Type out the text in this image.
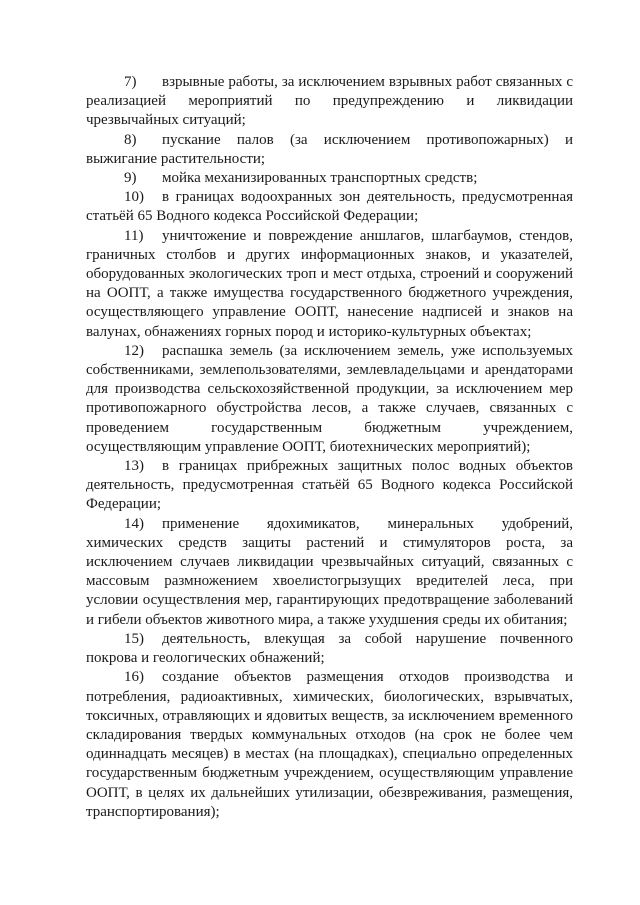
7) взрывные работы, за исключением взрывных работ связанных с реализацией мероприятий по предупреждению и ликвидации чрезвычайных ситуаций;

8) пускание палов (за исключением противопожарных) и выжигание растительности;

9) мойка механизированных транспортных средств;

10) в границах водоохранных зон деятельность, предусмотренная статьёй 65 Водного кодекса Российской Федерации;

11) уничтожение и повреждение аншлагов, шлагбаумов, стендов, граничных столбов и других информационных знаков, и указателей, оборудованных экологических троп и мест отдыха, строений и сооружений на ООПТ, а также имущества государственного бюджетного учреждения, осуществляющего управление ООПТ, нанесение надписей и знаков на валунах, обнажениях горных пород и историко-культурных объектах;

12) распашка земель (за исключением земель, уже используемых собственниками, землепользователями, землевладельцами и арендаторами для производства сельскохозяйственной продукции, за исключением мер противопожарного обустройства лесов, а также случаев, связанных с проведением государственным бюджетным учреждением, осуществляющим управление ООПТ, биотехнических мероприятий);

13) в границах прибрежных защитных полос водных объектов деятельность, предусмотренная статьёй 65 Водного кодекса Российской Федерации;

14) применение ядохимикатов, минеральных удобрений, химических средств защиты растений и стимуляторов роста, за исключением случаев ликвидации чрезвычайных ситуаций, связанных с массовым размножением хвоелистогрызущих вредителей леса, при условии осуществления мер, гарантирующих предотвращение заболеваний и гибели объектов животного мира, а также ухудшения среды их обитания;

15) деятельность, влекущая за собой нарушение почвенного покрова и геологических обнажений;

16) создание объектов размещения отходов производства и потребления, радиоактивных, химических, биологических, взрывчатых, токсичных, отравляющих и ядовитых веществ, за исключением временного складирования твердых коммунальных отходов (на срок не более чем одиннадцать месяцев) в местах (на площадках), специально определенных государственным бюджетным учреждением, осуществляющим управление ООПТ, в целях их дальнейших утилизации, обезвреживания, размещения, транспортирования);
